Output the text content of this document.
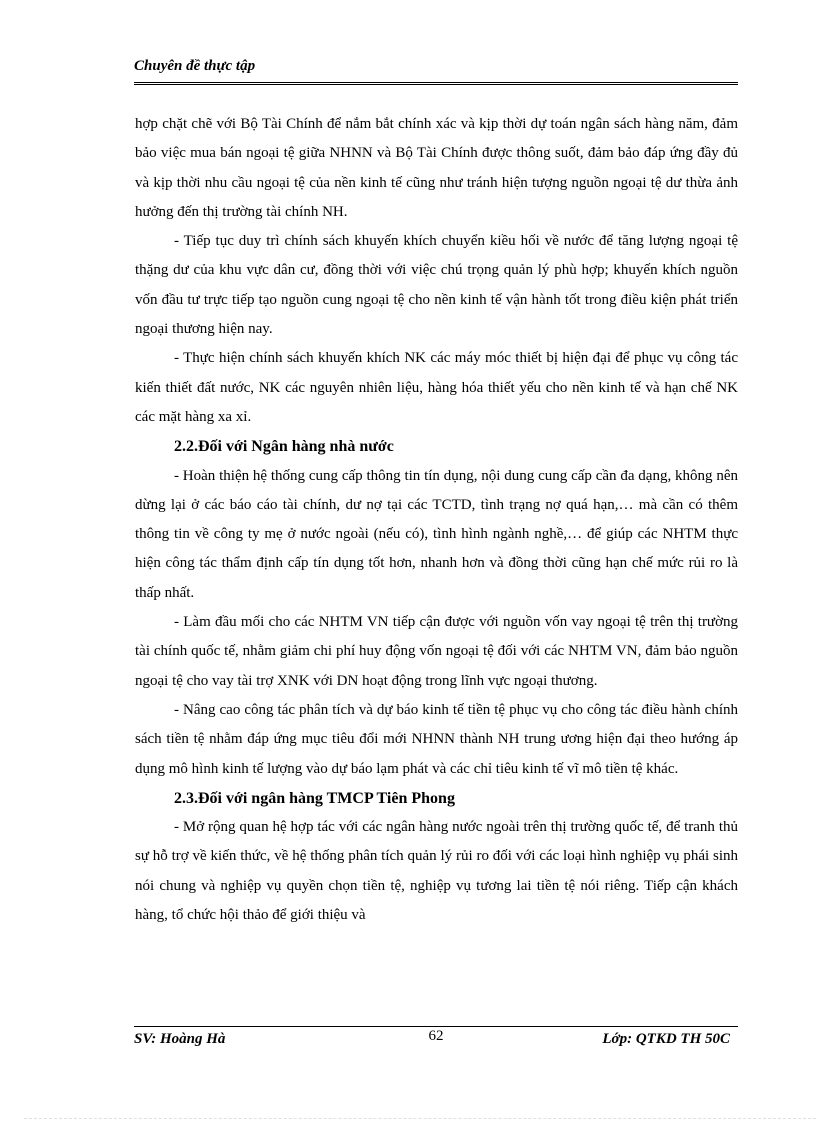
Chuyên đề thực tập

hợp chặt chẽ với Bộ Tài Chính để nắm bắt chính xác và kịp thời dự toán ngân sách hàng năm, đảm bảo việc mua bán ngoại tệ giữa NHNN và Bộ Tài Chính được thông suốt, đảm bảo đáp ứng đầy đủ và kịp thời nhu cầu ngoại tệ của nền kinh tế cũng như tránh hiện tượng nguồn ngoại tệ dư thừa ảnh hưởng đến thị trường tài chính NH.

- Tiếp tục duy trì chính sách khuyến khích chuyển kiều hối về nước để tăng lượng ngoại tệ thặng dư của khu vực dân cư, đồng thời với việc chú trọng quản lý phù hợp; khuyến khích nguồn vốn đầu tư trực tiếp tạo nguồn cung ngoại tệ cho nền kinh tế vận hành tốt trong điều kiện phát triển ngoại thương hiện nay.

- Thực hiện chính sách khuyến khích NK các máy móc thiết bị hiện đại để phục vụ công tác kiến thiết đất nước, NK các nguyên nhiên liệu, hàng hóa thiết yếu cho nền kinh tế và hạn chế NK các mặt hàng xa xỉ.

2.2.Đối với Ngân hàng nhà nước

- Hoàn thiện hệ thống cung cấp thông tin tín dụng, nội dung cung cấp cần đa dạng, không nên dừng lại ở các báo cáo tài chính, dư nợ tại các TCTD, tình trạng nợ quá hạn,… mà cần có thêm thông tin về công ty mẹ ở nước ngoài (nếu có), tình hình ngành nghề,… để giúp các NHTM thực hiện công tác thẩm định cấp tín dụng tốt hơn, nhanh hơn và đồng thời cũng hạn chế mức rủi ro là thấp nhất.

- Làm đầu mối cho các NHTM VN tiếp cận được với nguồn vốn vay ngoại tệ trên thị trường tài chính quốc tế, nhằm giảm chi phí huy động vốn ngoại tệ đối với các NHTM VN, đảm bảo nguồn ngoại tệ cho vay tài trợ XNK với DN hoạt động trong lĩnh vực ngoại thương.

- Nâng cao công tác phân tích và dự báo kinh tế tiền tệ phục vụ cho công tác điều hành chính sách tiền tệ nhằm đáp ứng mục tiêu đổi mới NHNN thành NH trung ương hiện đại theo hướng áp dụng mô hình kinh tế lượng vào dự báo lạm phát và các chỉ tiêu kinh tế vĩ mô tiền tệ khác.

2.3.Đối với ngân hàng TMCP Tiên Phong

- Mở rộng quan hệ hợp tác với các ngân hàng nước ngoài trên thị trường quốc tế, để tranh thủ sự hỗ trợ về kiến thức, về hệ thống phân tích quản lý rủi ro đối với các loại hình nghiệp vụ phái sinh nói chung và nghiệp vụ quyền chọn tiền tệ, nghiệp vụ tương lai tiền tệ nói riêng. Tiếp cận khách hàng, tổ chức hội thảo để giới thiệu và

SV: Hoàng Hà	62	Lớp: QTKD TH 50C
